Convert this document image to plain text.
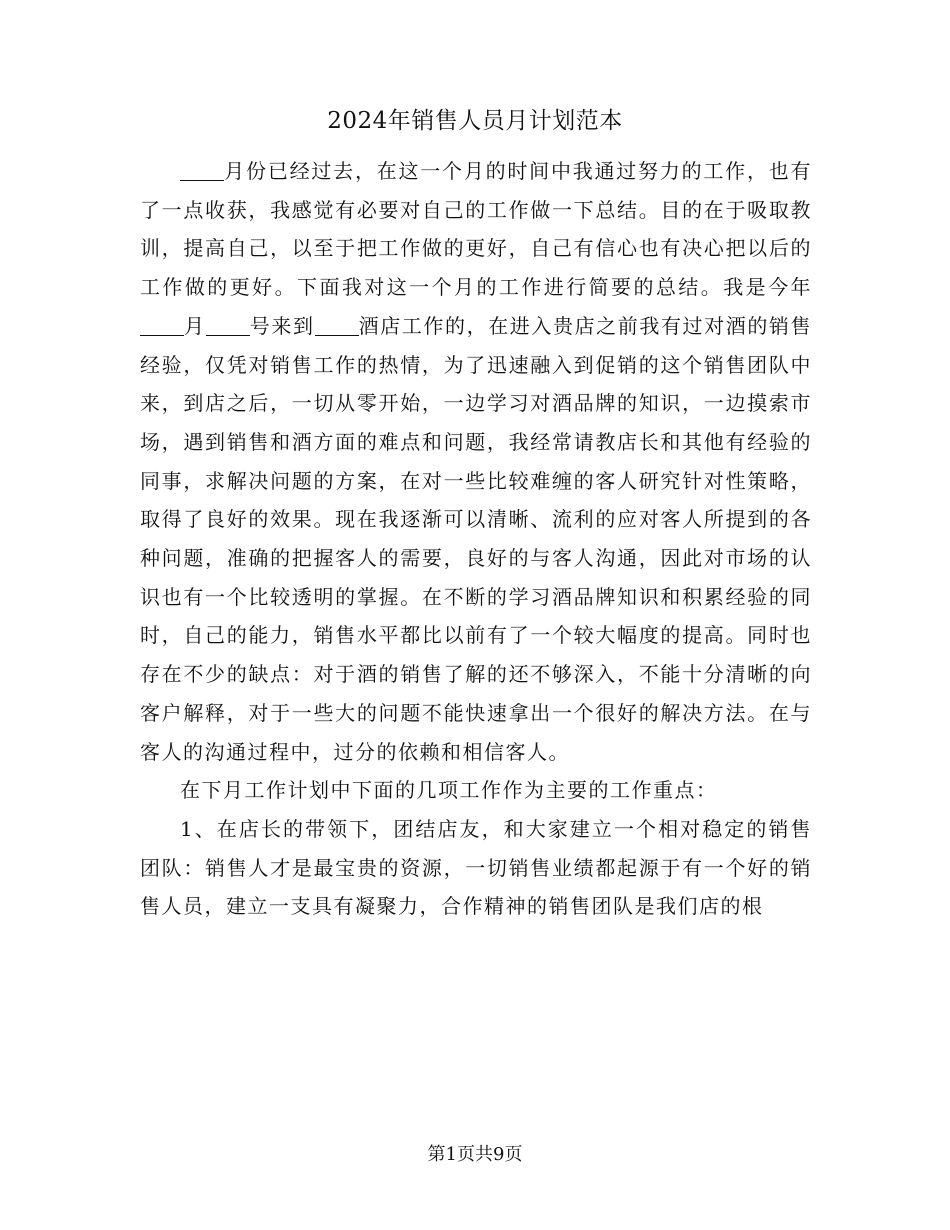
2024年销售人员月计划范本

月份已经过去，在这一个月的时间中我通过努力的工作，也有了一点收获，我感觉有必要对自己的工作做一下总结。目的在于吸取教训，提高自己，以至于把工作做的更好，自己有信心也有决心把以后的工作做的更好。下面我对这一个月的工作进行简要的总结。我是今年月 号来到 酒店工作的，在进入贵店之前我有过对酒的销售经验，仅凭对销售工作的热情，为了迅速融入到促销的这个销售团队中来，到店之后，一切从零开始，一边学习对酒品牌的知识，一边摸索市场，遇到销售和酒方面的难点和问题，我经常请教店长和其他有经验的同事，求解决问题的方案，在对一些比较难缠的客人研究针对性策略，取得了良好的效果。现在我逐渐可以清晰、流利的应对客人所提到的各种问题，准确的把握客人的需要，良好的与客人沟通，因此对市场的认识也有一个比较透明的掌握。在不断的学习酒品牌知识和积累经验的同时，自己的能力，销售水平都比以前有了一个较大幅度的提高。同时也存在不少的缺点：对于酒的销售了解的还不够深入，不能十分清晰的向客户解释，对于一些大的问题不能快速拿出一个很好的解决方法。在与客人的沟通过程中，过分的依赖和相信客人。

在下月工作计划中下面的几项工作作为主要的工作重点：

1、在店长的带领下，团结店友，和大家建立一个相对稳定的销售团队：销售人才是最宝贵的资源，一切销售业绩都起源于有一个好的销售人员，建立一支具有凝聚力，合作精神的销售团队是我们店的根

第1页共9页
